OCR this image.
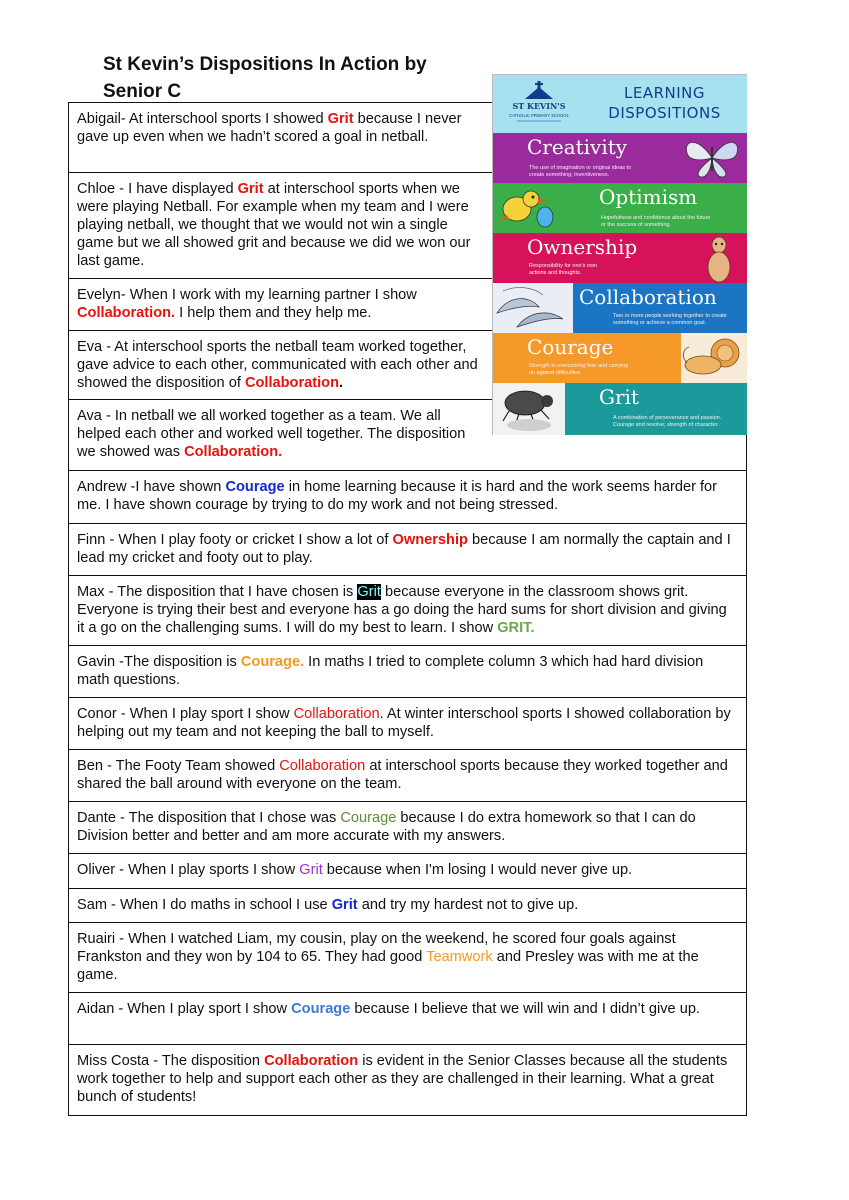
St Kevin’s Dispositions In Action by
Senior C
Abigail- At interschool sports I showed Grit because I never gave up even when we hadn’t scored a goal in netball.
Chloe - I have displayed Grit at interschool sports when we were playing Netball. For example when my team and I were playing netball, we thought that we would not win a single game but we all showed grit and because we did we won our last game.
Evelyn- When I work with my learning partner I show Collaboration. I help them and they help me.
Eva - At interschool sports the netball team worked together, gave advice to each other, communicated with each other and showed the disposition of Collaboration.
Ava - In netball we all worked together as a team. We all helped each other and worked well together. The disposition we showed was Collaboration.
Andrew -I have shown Courage in home learning because it is hard and the work seems harder for me. I have shown courage by trying to do my work and not being stressed.
Finn - When I play footy or cricket I show a lot of Ownership because I am normally the captain and I lead my cricket and footy out to play.
Max - The disposition that I have chosen is Grit because everyone in the classroom shows grit. Everyone is trying their best and everyone has a go doing the hard sums for short division and giving it a go on the challenging sums. I will do my best to learn. I show GRIT.
Gavin -The disposition is Courage. In maths I tried to complete column 3 which had hard division math questions.
Conor - When I play sport I show Collaboration. At winter interschool sports I showed collaboration by helping out my team and not keeping the ball to myself.
Ben - The Footy Team showed Collaboration at interschool sports because they worked together and shared the ball around with everyone on the team.
Dante - The disposition that I chose was Courage because I do extra homework so that I can do Division better and better and am more accurate with my answers.
Oliver - When I play sports I show Grit because when I'm losing I would never give up.
Sam - When I do maths in school I use Grit and try my hardest not to give up.
Ruairi - When I watched Liam, my cousin, play on the weekend, he scored four goals against Frankston and they won by 104 to 65. They had good Teamwork and Presley was with me at the game.
Aidan - When I play sport I show Courage because I believe that we will win and I didn’t give up.
Miss Costa - The disposition Collaboration is evident in the Senior Classes because all the students work together to help and support each other as they are challenged in their learning. What a great bunch of students!
ST KEVIN'S
CATHOLIC PRIMARY SCHOOL
LEARNING
DISPOSITIONS
Creativity
The use of imagination or original ideas to create something; inventiveness.
Optimism
Hopefulness and confidence about the future or the success of something.
Ownership
Responsibility for one's own actions and thoughts.
Collaboration
Two or more people working together to create something or achieve a common goal.
Courage
Strength in overcoming fear and carrying on against difficulties.
Grit
A combination of perseverance and passion. Courage and resolve; strength of character.
